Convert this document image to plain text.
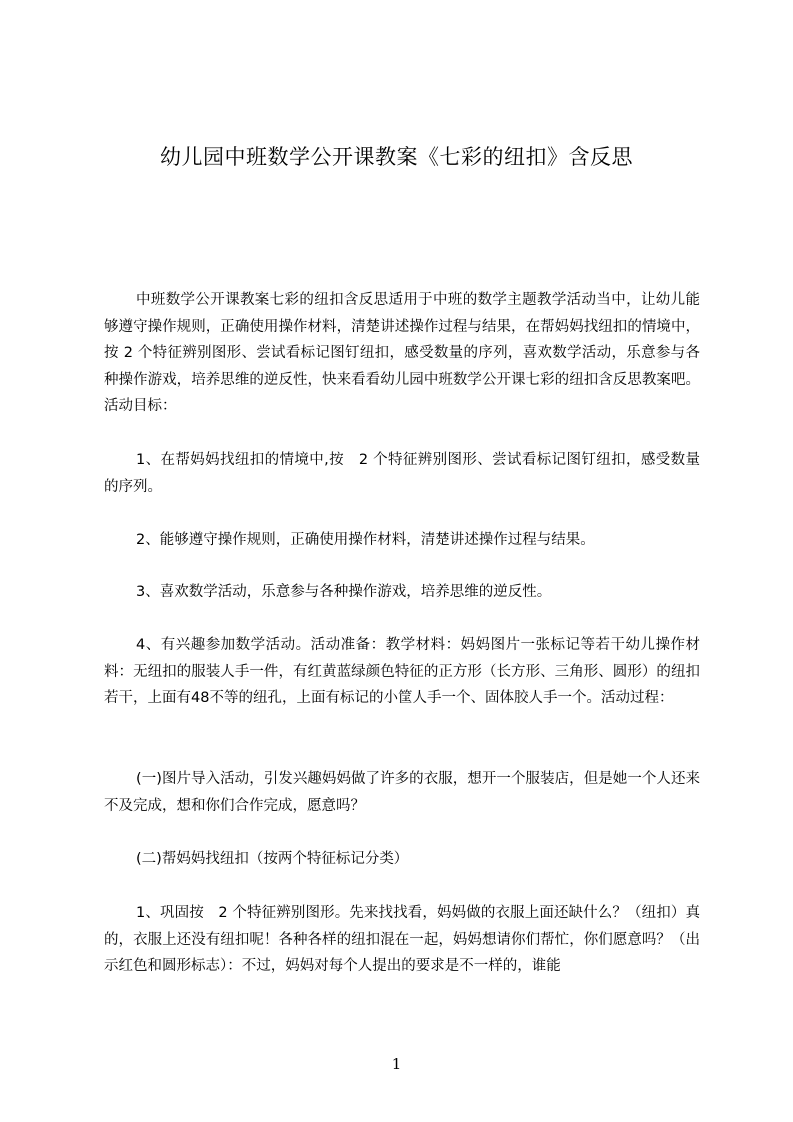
幼儿园中班数学公开课教案《七彩的纽扣》含反思

中班数学公开课教案七彩的纽扣含反思适用于中班的数学主题教学活动当中，让幼儿能够遵守操作规则，正确使用操作材料，清楚讲述操作过程与结果，在帮妈妈找纽扣的情境中，按 2 个特征辨别图形、尝试看标记图钉纽扣，感受数量的序列，喜欢数学活动，乐意参与各种操作游戏，培养思维的逆反性，快来看看幼儿园中班数学公开课七彩的纽扣含反思教案吧。活动目标：

1、在帮妈妈找纽扣的情境中,按　2 个特征辨别图形、尝试看标记图钉纽扣，感受数量的序列。

2、能够遵守操作规则，正确使用操作材料，清楚讲述操作过程与结果。

3、喜欢数学活动，乐意参与各种操作游戏，培养思维的逆反性。

4、有兴趣参加数学活动。活动准备：教学材料：妈妈图片一张标记等若干幼儿操作材料：无纽扣的服装人手一件，有红黄蓝绿颜色特征的正方形（长方形、三角形、圆形）的纽扣若干，上面有48不等的纽孔，上面有标记的小筐人手一个、固体胶人手一个。活动过程：

(一)图片导入活动，引发兴趣妈妈做了许多的衣服，想开一个服装店，但是她一个人还来不及完成，想和你们合作完成，愿意吗？

(二)帮妈妈找纽扣（按两个特征标记分类）

1、巩固按　2 个特征辨别图形。先来找找看，妈妈做的衣服上面还缺什么？（纽扣）真的，衣服上还没有纽扣呢！各种各样的纽扣混在一起，妈妈想请你们帮忙，你们愿意吗？（出示红色和圆形标志）：不过，妈妈对每个人提出的要求是不一样的，谁能

1
